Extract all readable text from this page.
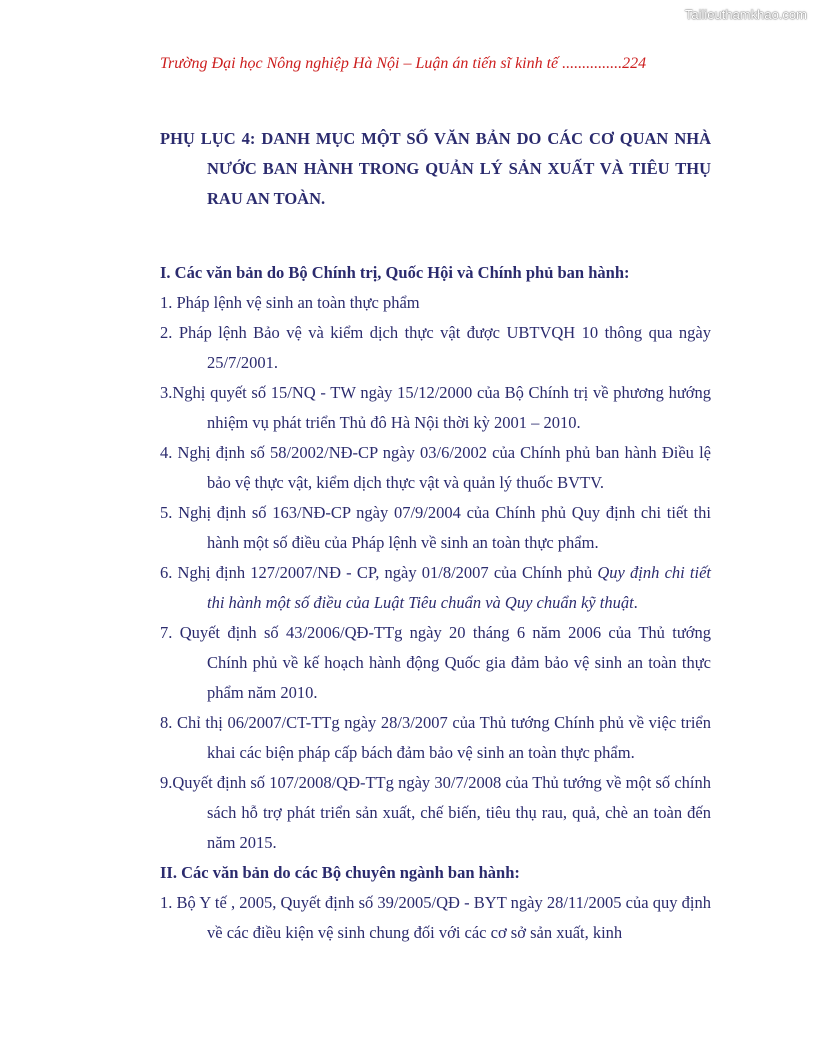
Tailieuthamkhao.com
Trường Đại học Nông nghiệp Hà Nội – Luận án tiến sĩ kinh tế ...............224

PHỤ LỤC 4: DANH MỤC MỘT SỐ VĂN BẢN DO CÁC CƠ QUAN NHÀ NƯỚC BAN HÀNH TRONG QUẢN LÝ SẢN XUẤT VÀ TIÊU THỤ RAU AN TOÀN.

I. Các văn bản do Bộ Chính trị, Quốc Hội và Chính phủ ban hành:

1. Pháp lệnh vệ sinh an toàn thực phẩm

2. Pháp lệnh Bảo vệ và kiểm dịch thực vật được UBTVQH 10 thông qua ngày 25/7/2001.

3.Nghị quyết số 15/NQ - TW ngày 15/12/2000 của Bộ Chính trị về phương hướng nhiệm vụ phát triển Thủ đô Hà Nội thời kỳ 2001 – 2010.

4. Nghị định số 58/2002/NĐ-CP ngày 03/6/2002 của Chính phủ ban hành Điều lệ bảo vệ thực vật, kiểm dịch thực vật và quản lý thuốc BVTV.

5. Nghị định số 163/NĐ-CP ngày 07/9/2004 của Chính phủ Quy định chi tiết thi hành một số điều của Pháp lệnh về sinh an toàn thực phẩm.

6. Nghị định 127/2007/NĐ - CP, ngày 01/8/2007 của Chính phủ Quy định chi tiết thi hành một số điều của Luật Tiêu chuẩn và Quy chuẩn kỹ thuật.

7. Quyết định số 43/2006/QĐ-TTg ngày 20 tháng 6 năm 2006 của Thủ tướng Chính phủ về kế hoạch hành động Quốc gia đảm bảo vệ sinh an toàn thực phẩm năm 2010.

8. Chỉ thị 06/2007/CT-TTg ngày 28/3/2007 của Thủ tướng Chính phủ về việc triển khai các biện pháp cấp bách đảm bảo vệ sinh an toàn thực phẩm.

9.Quyết định số 107/2008/QĐ-TTg ngày 30/7/2008 của Thủ tướng về một số chính sách hỗ trợ phát triển sản xuất, chế biến, tiêu thụ rau, quả, chè an toàn đến năm 2015.

II. Các văn bản do các Bộ chuyên ngành ban hành:

1. Bộ Y tế , 2005, Quyết định số 39/2005/QĐ - BYT ngày 28/11/2005 của quy định về các điều kiện vệ sinh chung đối với các cơ sở sản xuất, kinh
